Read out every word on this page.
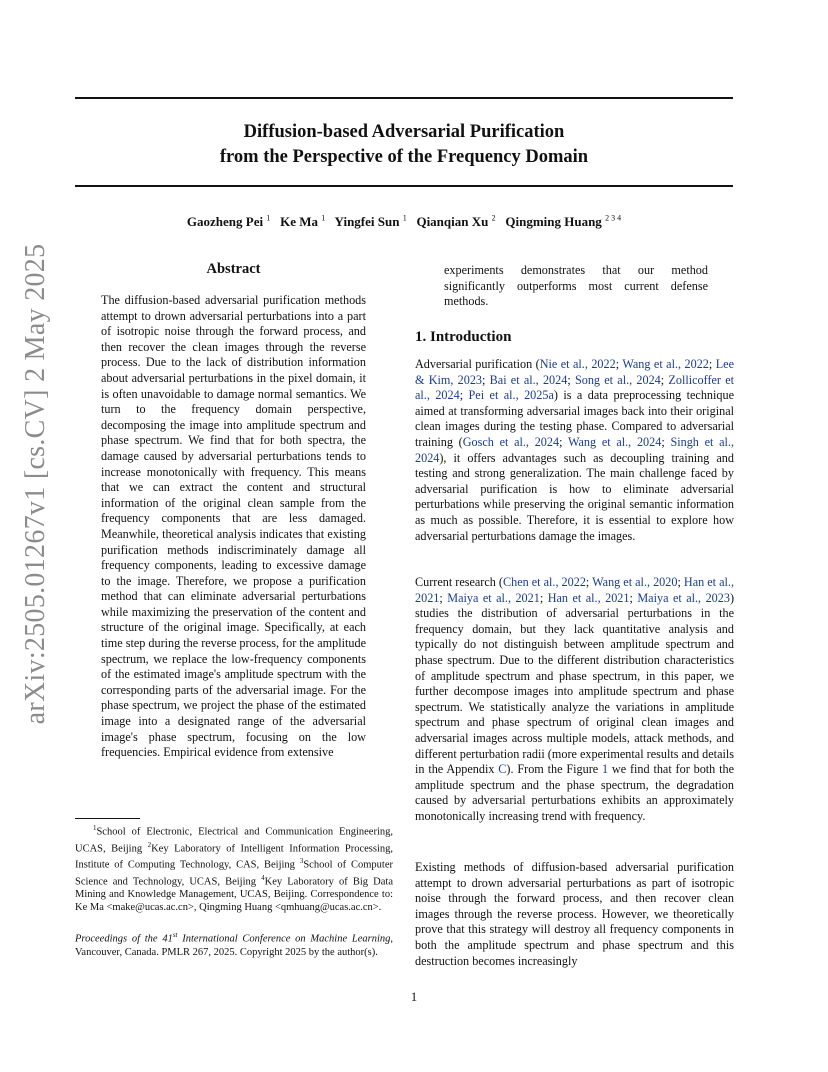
Diffusion-based Adversarial Purification
from the Perspective of the Frequency Domain
Gaozheng Pei $^1$ Ke Ma $^1$ Yingfei Sun $^1$ Qianqian Xu $^2$ Qingming Huang $^{2 3 4}$
arXiv:2505.01267v1 [cs.CV] 2 May 2025	Abstract

The diffusion-based adversarial purification methods attempt to drown adversarial perturbations into a part of isotropic noise through the forward process, and then recover the clean images through the reverse process. Due to the lack of distribution information about adversarial perturbations in the pixel domain, it is often unavoidable to damage normal semantics. We turn to the frequency domain perspective, decomposing the image into amplitude spectrum and phase spectrum. We find that for both spectra, the damage caused by adversarial perturbations tends to increase monotonically with frequency. This means that we can extract the content and structural information of the original clean sample from the frequency components that are less damaged. Meanwhile, theoretical analysis indicates that existing purification methods indiscriminately damage all frequency components, leading to excessive damage to the image. Therefore, we propose a purification method that can eliminate adversarial perturbations while maximizing the preservation of the content and structure of the original image. Specifically, at each time step during the reverse process, for the amplitude spectrum, we replace the low-frequency components of the estimated image's amplitude spectrum with the corresponding parts of the adversarial image. For the phase spectrum, we project the phase of the estimated image into a designated range of the adversarial image's phase spectrum, focusing on the low frequencies. Empirical evidence from extensive

experiments demonstrates that our method significantly outperforms most current defense methods.

1. Introduction

Adversarial purification (Nie et al., 2022; Wang et al., 2022; Lee & Kim, 2023; Bai et al., 2024; Song et al., 2024; Zollicoffer et al., 2024; Pei et al., 2025a) is a data preprocessing technique aimed at transforming adversarial images back into their original clean images during the testing phase. Compared to adversarial training (Gosch et al., 2024; Wang et al., 2024; Singh et al., 2024), it offers advantages such as decoupling training and testing and strong generalization. The main challenge faced by adversarial purification is how to eliminate adversarial perturbations while preserving the original semantic information as much as possible. Therefore, it is essential to explore how adversarial perturbations damage the images.

Current research (Chen et al., 2022; Wang et al., 2020; Han et al., 2021; Maiya et al., 2021; Han et al., 2021; Maiya et al., 2023) studies the distribution of adversarial perturbations in the frequency domain, but they lack quantitative analysis and typically do not distinguish between amplitude spectrum and phase spectrum. Due to the different distribution characteristics of amplitude spectrum and phase spectrum, in this paper, we further decompose images into amplitude spectrum and phase spectrum. We statistically analyze the variations in amplitude spectrum and phase spectrum of original clean images and adversarial images across multiple models, attack methods, and different perturbation radii (more experimental results and details in the Appendix C). From the Figure 1 we find that for both the amplitude spectrum and the phase spectrum, the degradation caused by adversarial perturbations exhibits an approximately monotonically increasing trend with frequency.

Existing methods of diffusion-based adversarial purification attempt to drown adversarial perturbations as part of isotropic noise through the forward process, and then recover clean images through the reverse process. However, we theoretically prove that this strategy will destroy all frequency components in both the amplitude spectrum and phase spectrum and this destruction becomes increasingly

$^1$School of Electronic, Electrical and Communication Engineering, UCAS, Beijing $^2$Key Laboratory of Intelligent Information Processing, Institute of Computing Technology, CAS, Beijing $^3$School of Computer Science and Technology, UCAS, Beijing $^4$Key Laboratory of Big Data Mining and Knowledge Management, UCAS, Beijing. Correspondence to: Ke Ma <make@ucas.ac.cn>, Qingming Huang <qmhuang@ucas.ac.cn>.

Proceedings of the 41st International Conference on Machine Learning, Vancouver, Canada. PMLR 267, 2025. Copyright 2025 by the author(s).

1
